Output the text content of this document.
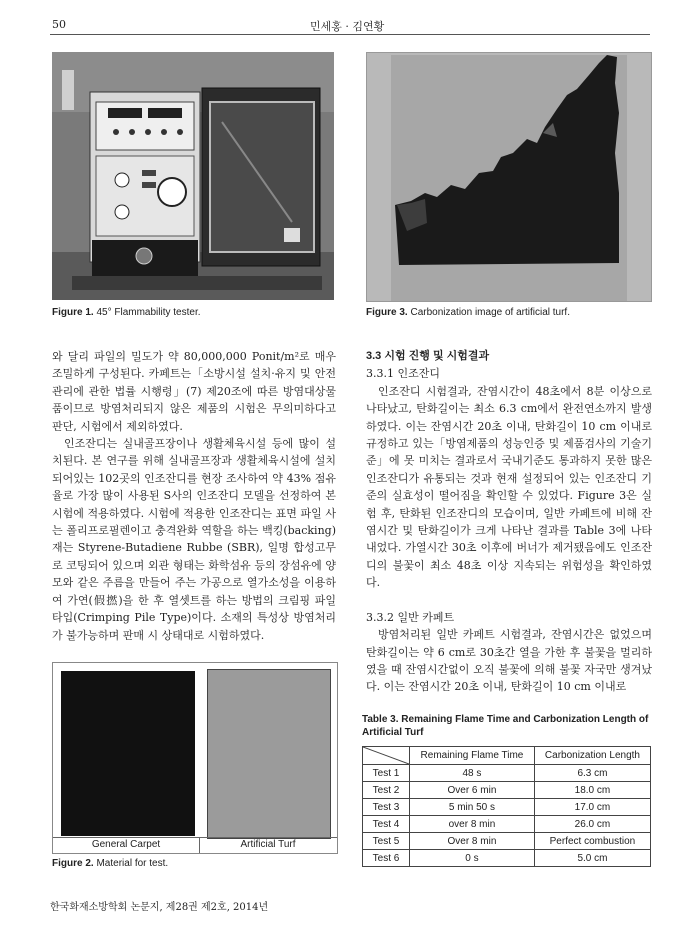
50	민세홍 · 김연황
Figure 1. 45° Flammability tester.	Figure 3. Carbonization image of artificial turf.

와 달리 파일의 밀도가 약 80,000,000 Ponit/m²로 매우 조밀하게 구성된다. 카페트는「소방시설 설치·유지 및 안전관리에 관한 법률 시행령」(7) 제20조에 따른 방염대상물품이므로 방염처리되지 않은 제품의 시험은 무의미하다고 판단, 시험에서 제외하였다.

인조잔디는 실내골프장이나 생활체육시설 등에 많이 설치된다. 본 연구를 위해 실내골프장과 생활체육시설에 설치되어있는 102곳의 인조잔디를 현장 조사하여 약 43% 점유율로 가장 많이 사용된 S사의 인조잔디 모델을 선정하여 본 시험에 적용하였다. 시험에 적용한 인조잔디는 표면 파일 사는 폴리프로필렌이고 충격완화 역할을 하는 백킹(backing)재는 Styrene-Butadiene Rubbe (SBR), 일명 합성고무로 코팅되어 있으며 외관 형태는 화학섬유 등의 장섬유에 양모와 같은 주름을 만들어 주는 가공으로 열가소성을 이용하여 가연(假撚)을 한 후 열셋트를 하는 방법의 크림핑 파일 타입(Crimping Pile Type)이다. 소재의 특성상 방염처리가 불가능하며 판매 시 상태대로 시험하였다.

3.3 시험 진행 및 시험결과

3.3.1 인조잔디

인조잔디 시험결과, 잔염시간이 48초에서 8분 이상으로 나타났고, 탄화길이는 최소 6.3 cm에서 완전연소까지 발생하였다. 이는 잔염시간 20초 이내, 탄화길이 10 cm 이내로 규정하고 있는「방염제품의 성능인증 및 제품검사의 기술기준」에 못 미치는 결과로서 국내기준도 통과하지 못한 많은 인조잔디가 유통되는 것과 현재 설정되어 있는 인조잔디 기준의 실효성이 떨어짐을 확인할 수 있었다. Figure 3은 실험 후, 탄화된 인조잔디의 모습이며, 일반 카페트에 비해 잔염시간 및 탄화길이가 크게 나타난 결과를 Table 3에 나타내었다. 가열시간 30초 이후에 버너가 제거됐음에도 인조잔디의 불꽃이 최소 48초 이상 지속되는 위험성을 확인하였다.

3.3.2 일반 카페트

방염처리된 일반 카페트 시험결과, 잔염시간은 없었으며 탄화길이는 약 6 cm로 30초간 열을 가한 후 불꽃을 멀리하였을 때 잔염시간없이 오직 불꽃에 의해 불꽃 자국만 생겨났다. 이는 잔염시간 20초 이내, 탄화길이 10 cm 이내로

General Carpet	Artificial Turf
Figure 2. Material for test.
Table 3. Remaining Flame Time and Carbonization Length of Artificial Turf
	Remaining Flame Time	Carbonization Length
Test 1	48 s	6.3 cm
Test 2	Over 6 min	18.0 cm
Test 3	5 min 50 s	17.0 cm
Test 4	over 8 min	26.0 cm
Test 5	Over 8 min	Perfect combustion
Test 6	0 s	5.0 cm
한국화재소방학회 논문지, 제28권 제2호, 2014년
